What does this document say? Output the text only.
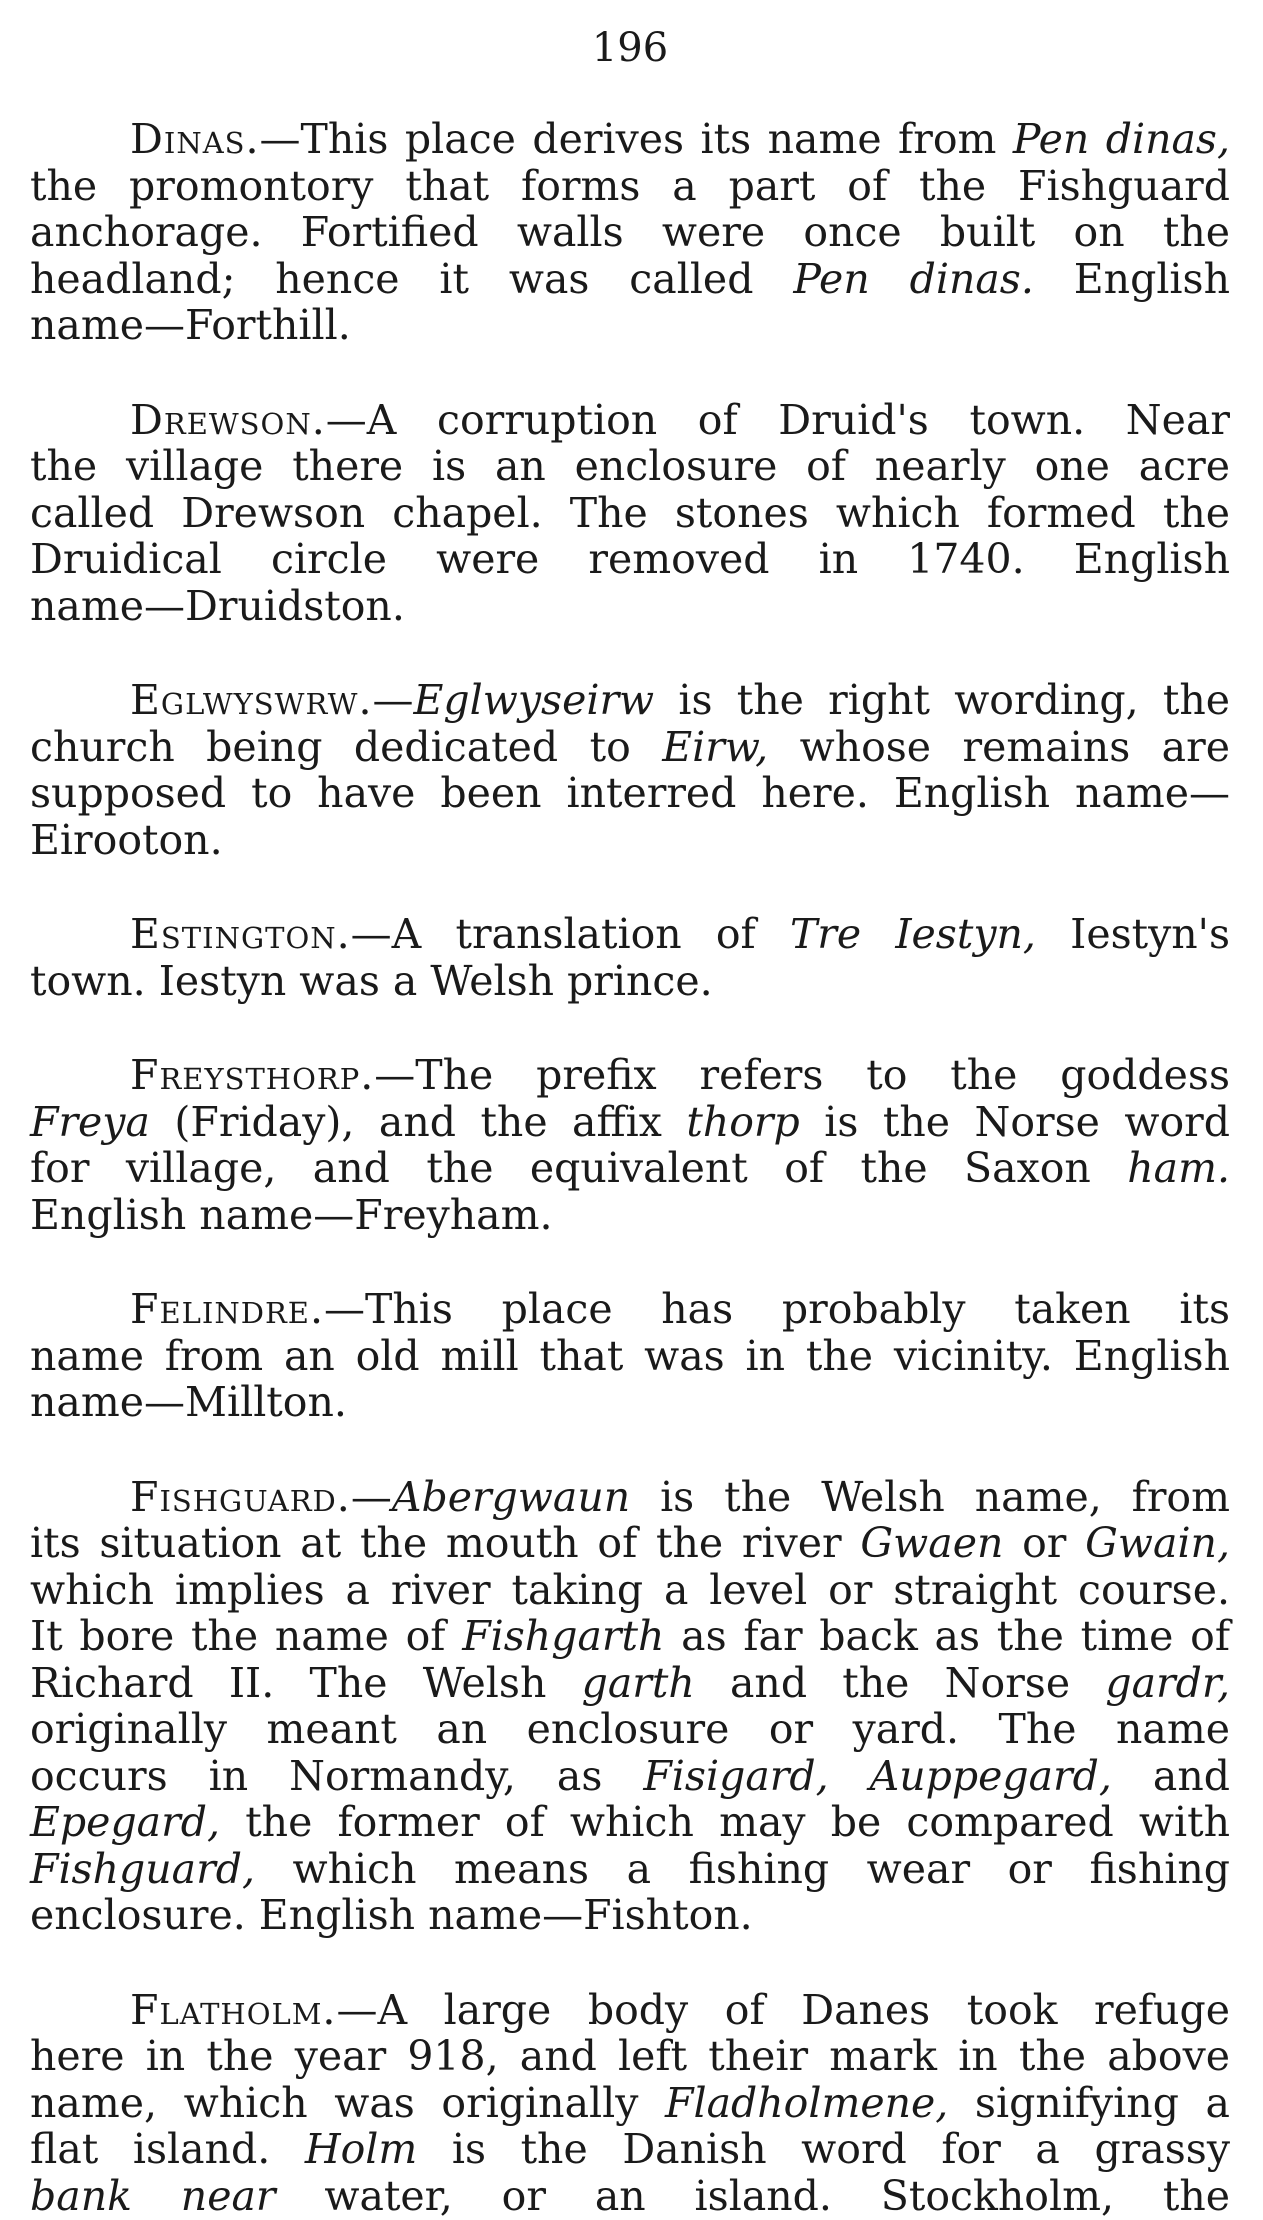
196
Dinas.—This place derives its name from Pen dinas,
the promontory that forms a part of the Fishguard
anchorage. Fortified walls were once built on the
headland; hence it was called Pen dinas. English
name—Forthill.
Drewson.—A corruption of Druid's town. Near
the village there is an enclosure of nearly one acre
called Drewson chapel. The stones which formed the
Druidical circle were removed in 1740. English
name—Druidston.
Eglwyswrw.—Eglwyseirw is the right wording, the
church being dedicated to Eirw, whose remains are
supposed to have been interred here. English name—
Eirooton.
Estington.—A translation of Tre Iestyn, Iestyn's
town. Iestyn was a Welsh prince.
Freysthorp.—The prefix refers to the goddess
Freya (Friday), and the affix thorp is the Norse word
for village, and the equivalent of the Saxon ham.
English name—Freyham.
Felindre.—This place has probably taken its
name from an old mill that was in the vicinity. English
name—Millton.
Fishguard.—Abergwaun is the Welsh name, from
its situation at the mouth of the river Gwaen or Gwain,
which implies a river taking a level or straight course.
It bore the name of Fishgarth as far back as the time of
Richard II. The Welsh garth and the Norse gardr,
originally meant an enclosure or yard. The name
occurs in Normandy, as Fisigard, Auppegard, and
Epegard, the former of which may be compared with
Fishguard, which means a fishing wear or fishing
enclosure. English name—Fishton.
Flatholm.—A large body of Danes took refuge
here in the year 918, and left their mark in the above
name, which was originally Fladholmene, signifying a
flat island. Holm is the Danish word for a grassy
bank near water, or an island. Stockholm, the
